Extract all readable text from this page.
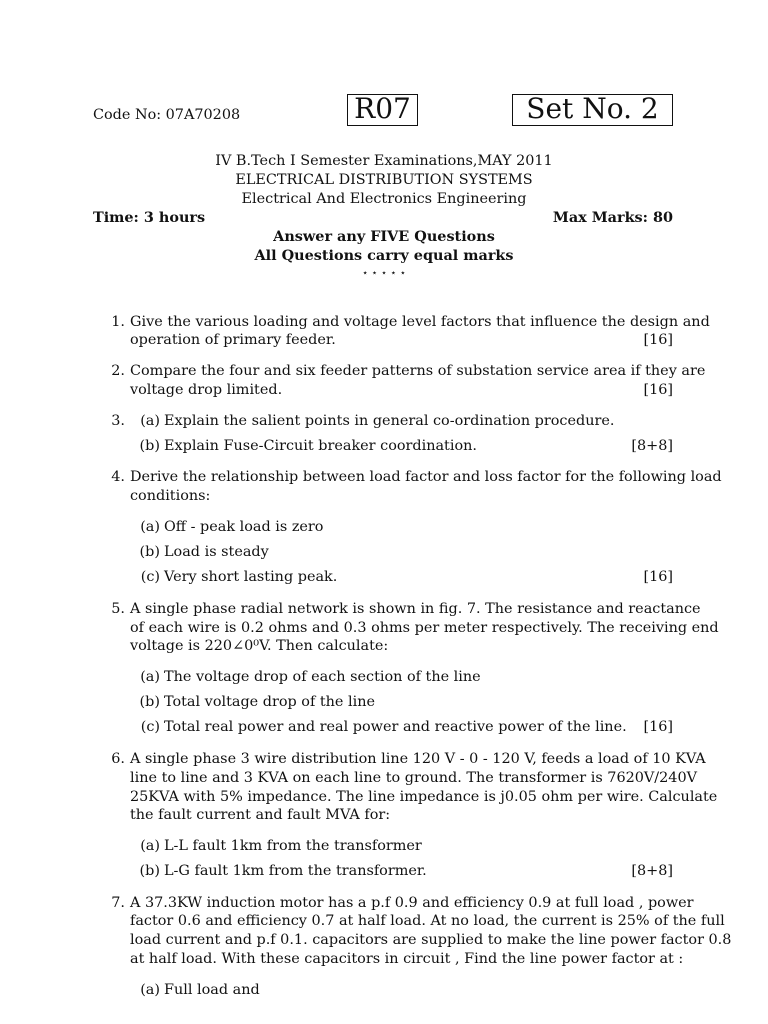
Code No: 07A70208	R07	Set No. 2
IV B.Tech I Semester Examinations,MAY 2011
ELECTRICAL DISTRIBUTION SYSTEMS
Electrical And Electronics Engineering
Time: 3 hours	Max Marks: 80
Answer any FIVE Questions
All Questions carry equal marks
⋆ ⋆ ⋆ ⋆ ⋆
1. Give the various loading and voltage level factors that influence the design and
operation of primary feeder.	[16]
2. Compare the four and six feeder patterns of substation service area if they are
voltage drop limited.	[16]
3.	(a) Explain the salient points in general co-ordination procedure.
(b) Explain Fuse-Circuit breaker coordination.	[8+8]
4. Derive the relationship between load factor and loss factor for the following load
conditions:
(a) Off - peak load is zero
(b) Load is steady
(c) Very short lasting peak.	[16]
5. A single phase radial network is shown in fig. 7. The resistance and reactance
of each wire is 0.2 ohms and 0.3 ohms per meter respectively. The receiving end
voltage is 220∠0⁰V. Then calculate:
(a) The voltage drop of each section of the line
(b) Total voltage drop of the line
(c) Total real power and real power and reactive power of the line.	[16]
6. A single phase 3 wire distribution line 120 V - 0 - 120 V, feeds a load of 10 KVA
line to line and 3 KVA on each line to ground. The transformer is 7620V/240V
25KVA with 5% impedance. The line impedance is j0.05 ohm per wire. Calculate
the fault current and fault MVA for:
(a) L-L fault 1km from the transformer
(b) L-G fault 1km from the transformer.	[8+8]
7. A 37.3KW induction motor has a p.f 0.9 and efficiency 0.9 at full load , power
factor 0.6 and efficiency 0.7 at half load. At no load, the current is 25% of the full
load current and p.f 0.1. capacitors are supplied to make the line power factor 0.8
at half load. With these capacitors in circuit , Find the line power factor at :
(a) Full load and
